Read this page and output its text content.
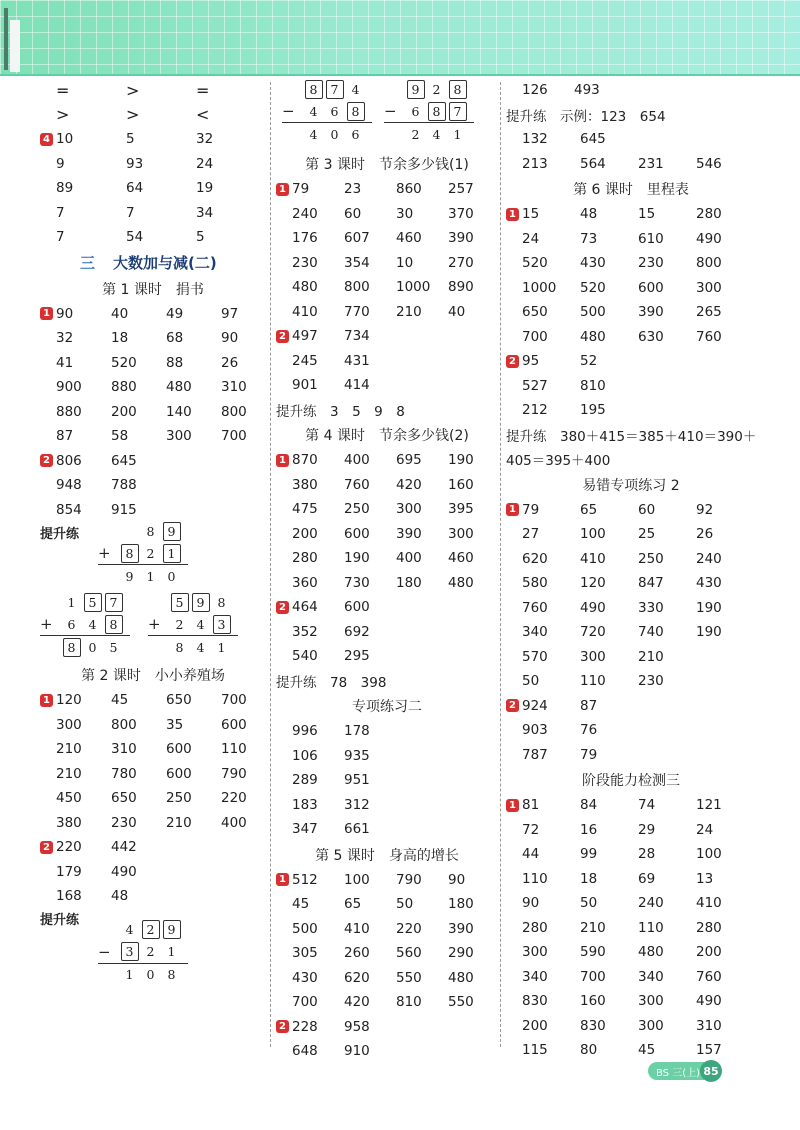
=	>	=
>	>	<
4 10	5	32
9	93	24
89	64	19
7	7	34
7	54	5
三 大数加与减(二)
第 1 课时　捐书
1 90	40	49	97
32	18	68	90
41	520	88	26
900	880	480	310
880	200	140	800
87	58	300	700
2 806	645
948	788
854	915
提升练	8	9
+	8	2	1
9	1	0
1	5	7
+	6	4	8
8	0	5
5	9	8
+	2	4	3
8	4	1
第 2 课时　小小养殖场
1 120	45	650	700
300	800	35	600
210	310	600	110
210	780	600	790
450	650	250	220
380	230	210	400
2 220	442
179	490
168	48
提升练
4	2	9
−	3	2	1
1	0	8
8	7	4
−	4	6	8
4	0	6
9	2	8
−	6	8	7
2	4	1
第 3 课时　节余多少钱(1)
1 79	23	860	257
240	60	30	370
176	607	460	390
230	354	10	270
480	800	1000	890
410	770	210	40
2 497	734
245	431
901	414
提升练　3　5　9　8
第 4 课时　节余多少钱(2)
1 870	400	695	190
380	760	420	160
475	250	300	395
200	600	390	300
280	190	400	460
360	730	180	480
2 464	600
352	692
540	295
提升练　78　398
专项练习二
996	178
106	935
289	951
183	312
347	661
第 5 课时　身高的增长
1 512	100	790	90
45	65	50	180
500	410	220	390
305	260	560	290
430	620	550	480
700	420	810	550
2 228	958
648	910
126	493
提升练　示例：123　654
132	645
213	564	231	546
第 6 课时　里程表
1 15	48	15	280
24	73	610	490
520	430	230	800
1000	520	600	300
650	500	390	265
700	480	630	760
2 95	52
527	810
212	195
提升练　380＋415＝385＋410＝390＋
405＝395＋400
易错专项练习 2
1 79	65	60	92
27	100	25	26
620	410	250	240
580	120	847	430
760	490	330	190
340	720	740	190
570	300	210
50	110	230
2 924	87
903	76
787	79
阶段能力检测三
1 81	84	74	121
72	16	29	24
44	99	28	100
110	18	69	13
90	50	240	410
280	210	110	280
300	590	480	200
340	700	340	760
830	160	300	490
200	830	300	310
115	80	45	157
BS 三(上) 85
